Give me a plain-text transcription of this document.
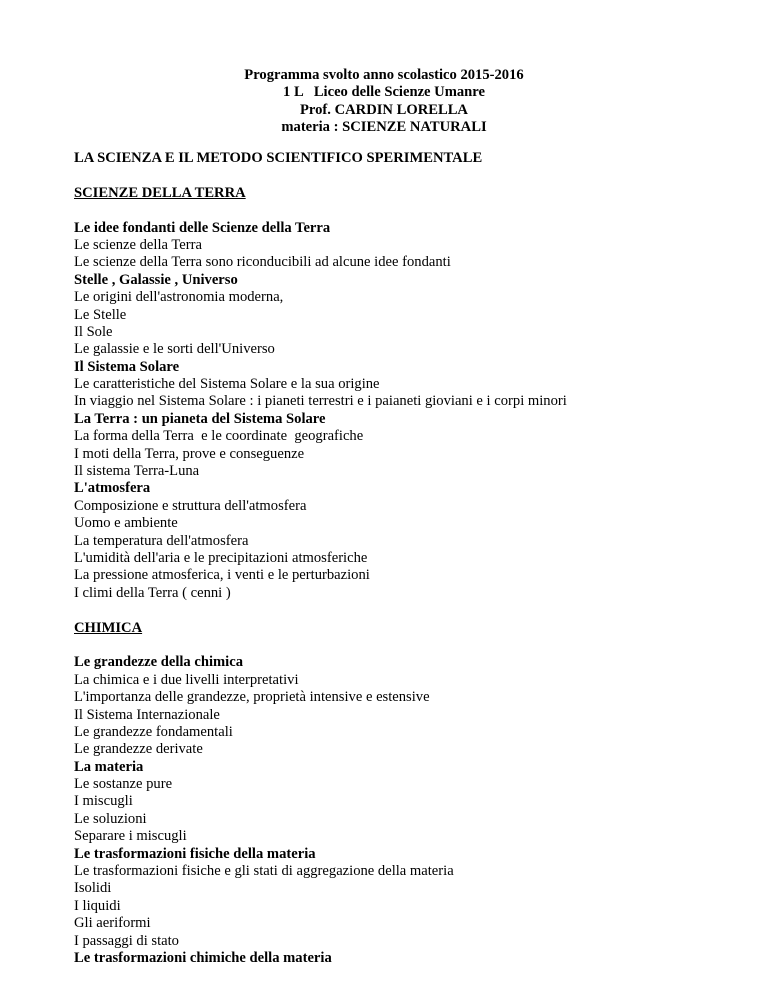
Programma svolto anno scolastico 2015-2016
1 L   Liceo delle Scienze Umanre
Prof. CARDIN LORELLA
materia : SCIENZE NATURALI
LA SCIENZA E IL METODO SCIENTIFICO SPERIMENTALE
SCIENZE DELLA TERRA
Le idee fondanti delle Scienze della Terra
Le scienze della Terra
Le scienze della Terra sono riconducibili ad alcune idee fondanti
Stelle , Galassie , Universo
Le origini dell'astronomia moderna,
Le Stelle
Il Sole
Le galassie e le sorti dell'Universo
Il Sistema Solare
Le caratteristiche del Sistema Solare e la sua origine
In viaggio nel Sistema Solare : i pianeti terrestri e i paianeti gioviani e i corpi minori
La Terra : un pianeta del Sistema Solare
La forma della Terra  e le coordinate  geografiche
I moti della Terra, prove e conseguenze
Il sistema Terra-Luna
L'atmosfera
Composizione e struttura dell'atmosfera
Uomo e ambiente
La temperatura dell'atmosfera
L'umidità dell'aria e le precipitazioni atmosferiche
La pressione atmosferica, i venti e le perturbazioni
I climi della Terra ( cenni )
CHIMICA
Le grandezze della chimica
La chimica e i due livelli interpretativi
L'importanza delle grandezze, proprietà intensive e estensive
Il Sistema Internazionale
Le grandezze fondamentali
Le grandezze derivate
La materia
Le sostanze pure
I miscugli
Le soluzioni
Separare i miscugli
Le trasformazioni fisiche della materia
Le trasformazioni fisiche e gli stati di aggregazione della materia
Isolidi
I liquidi
Gli aeriformi
I passaggi di stato
Le trasformazioni chimiche della materia
